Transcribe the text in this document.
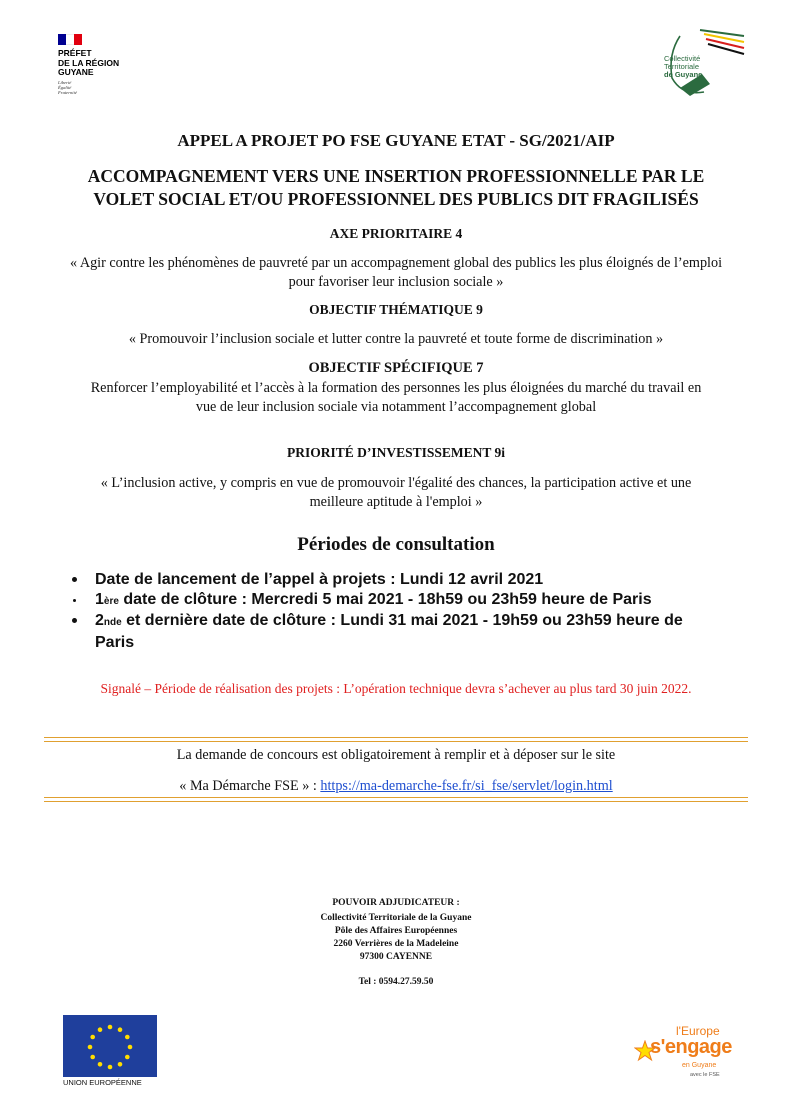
PRÉFET
DE LA RÉGION
GUYANE
Liberté
Égalité
Fraternité
Collectivité
Territoriale
de Guyane
APPEL A PROJET PO FSE GUYANE ETAT - SG/2021/AIP
ACCOMPAGNEMENT VERS UNE INSERTION PROFESSIONNELLE PAR LE
VOLET SOCIAL ET/OU PROFESSIONNEL DES PUBLICS DIT FRAGILISÉS
AXE PRIORITAIRE 4
« Agir contre les phénomènes de pauvreté par un accompagnement global des publics les plus éloignés de l’emploi
pour favoriser leur inclusion sociale »
OBJECTIF THÉMATIQUE 9
« Promouvoir l’inclusion sociale et lutter contre la pauvreté et toute forme de discrimination »
OBJECTIF SPÉCIFIQUE 7
Renforcer l’employabilité et l’accès à la formation des personnes les plus éloignées du marché du travail en
vue de leur inclusion sociale via notamment l’accompagnement global
PRIORITÉ D’INVESTISSEMENT 9i
« L’inclusion active, y compris en vue de promouvoir l'égalité des chances, la participation active et une
meilleure aptitude à l'emploi »
Périodes de consultation
Date de lancement de l’appel à projets : Lundi 12 avril 2021
1ère date de clôture : Mercredi 5 mai 2021 - 18h59 ou 23h59 heure de Paris
2nde et dernière date de clôture : Lundi 31 mai 2021 - 19h59 ou 23h59 heure de
Paris
Signalé – Période de réalisation des projets : L’opération technique devra s’achever au plus tard 30 juin 2022.
La demande de concours est obligatoirement à remplir et à déposer sur le site
« Ma Démarche FSE » : https://ma-demarche-fse.fr/si_fse/servlet/login.html
POUVOIR ADJUDICATEUR :
Collectivité Territoriale de la Guyane
Pôle des Affaires Européennes
2260 Verrières de la Madeleine
97300 CAYENNE
Tel : 0594.27.59.50
UNION EUROPÉENNE
l'Europe
s'engage
en Guyane
avec le FSE
